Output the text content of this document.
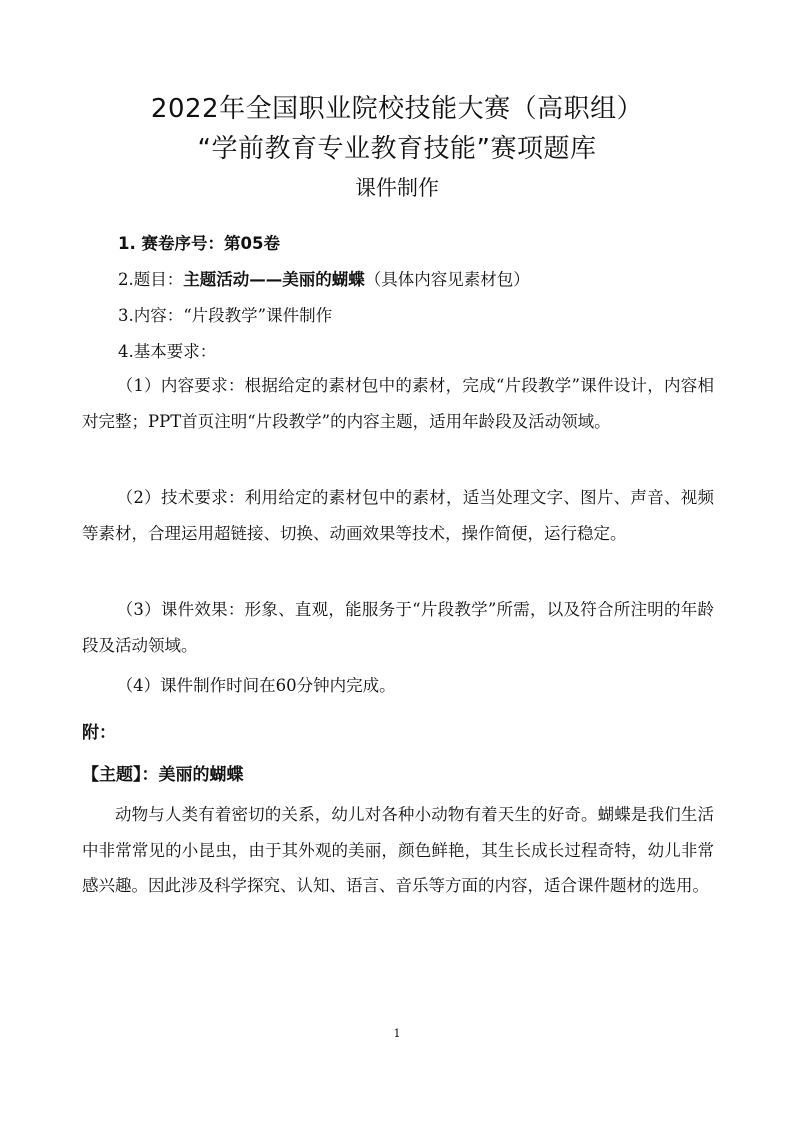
2022年全国职业院校技能大赛（高职组）
“学前教育专业教育技能”赛项题库
课件制作
1. 赛卷序号：第05卷
2.题目：主题活动——美丽的蝴蝶（具体内容见素材包）
3.内容：“片段教学”课件制作
4.基本要求：
（1）内容要求：根据给定的素材包中的素材，完成“片段教学”课件设计，内容相对完整；PPT首页注明“片段教学”的内容主题，适用年龄段及活动领域。
（2）技术要求：利用给定的素材包中的素材，适当处理文字、图片、声音、视频等素材，合理运用超链接、切换、动画效果等技术，操作简便，运行稳定。
（3）课件效果：形象、直观，能服务于“片段教学”所需，以及符合所注明的年龄段及活动领域。
（4）课件制作时间在60分钟内完成。
附：
【主题】：美丽的蝴蝶
动物与人类有着密切的关系，幼儿对各种小动物有着天生的好奇。蝴蝶是我们生活中非常常见的小昆虫，由于其外观的美丽，颜色鲜艳，其生长成长过程奇特，幼儿非常感兴趣。因此涉及科学探究、认知、语言、音乐等方面的内容，适合课件题材的选用。
1
